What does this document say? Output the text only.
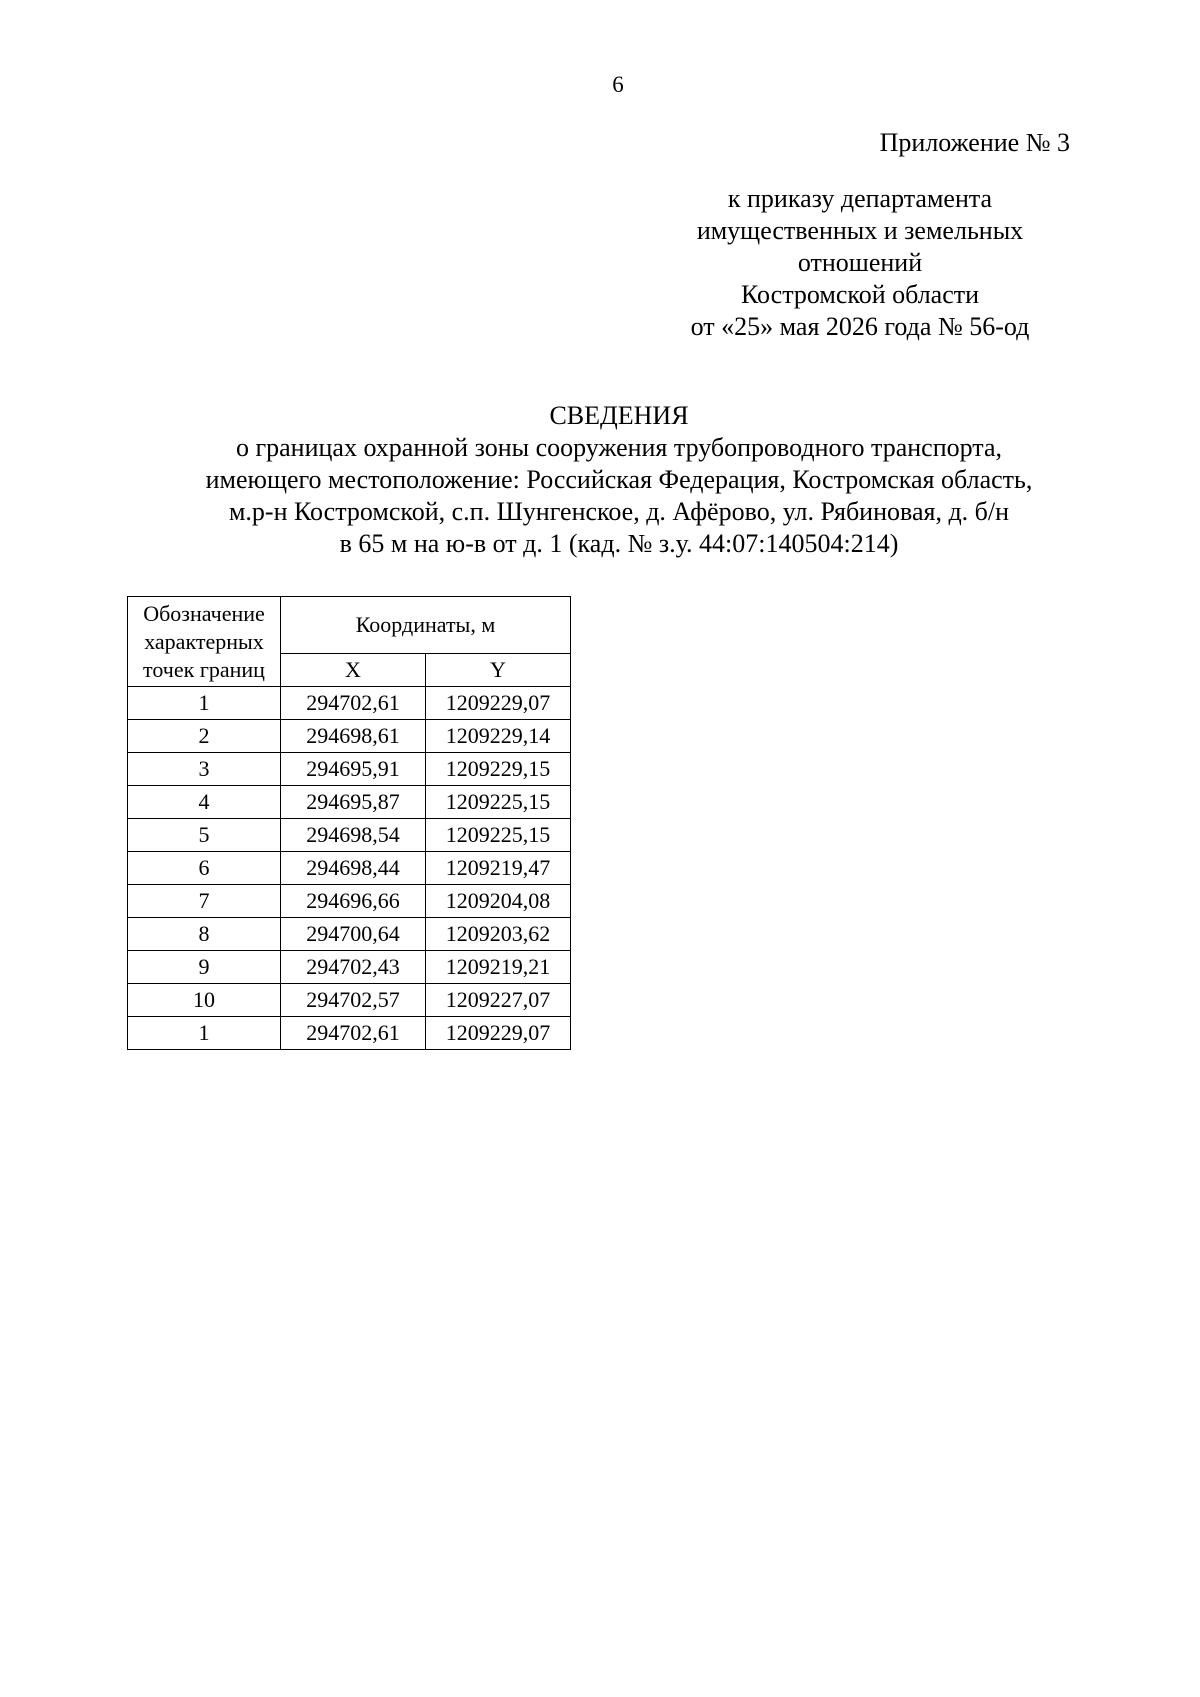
6
Приложение № 3
к приказу департамента
имущественных и земельных
отношений
Костромской области
от «25» мая 2026 года № 56-од
СВЕДЕНИЯ
о границах охранной зоны сооружения трубопроводного транспорта,
имеющего местоположение: Российская Федерация, Костромская область,
м.р-н Костромской, с.п. Шунгенское, д. Афёрово, ул. Рябиновая, д. б/н
в 65 м на ю-в от д. 1 (кад. № з.у. 44:07:140504:214)
Обозначение
характерных
точек границ	Координаты, м	
	X	Y
1	294702,61	1209229,07
2	294698,61	1209229,14
3	294695,91	1209229,15
4	294695,87	1209225,15
5	294698,54	1209225,15
6	294698,44	1209219,47
7	294696,66	1209204,08
8	294700,64	1209203,62
9	294702,43	1209219,21
10	294702,57	1209227,07
1	294702,61	1209229,07
